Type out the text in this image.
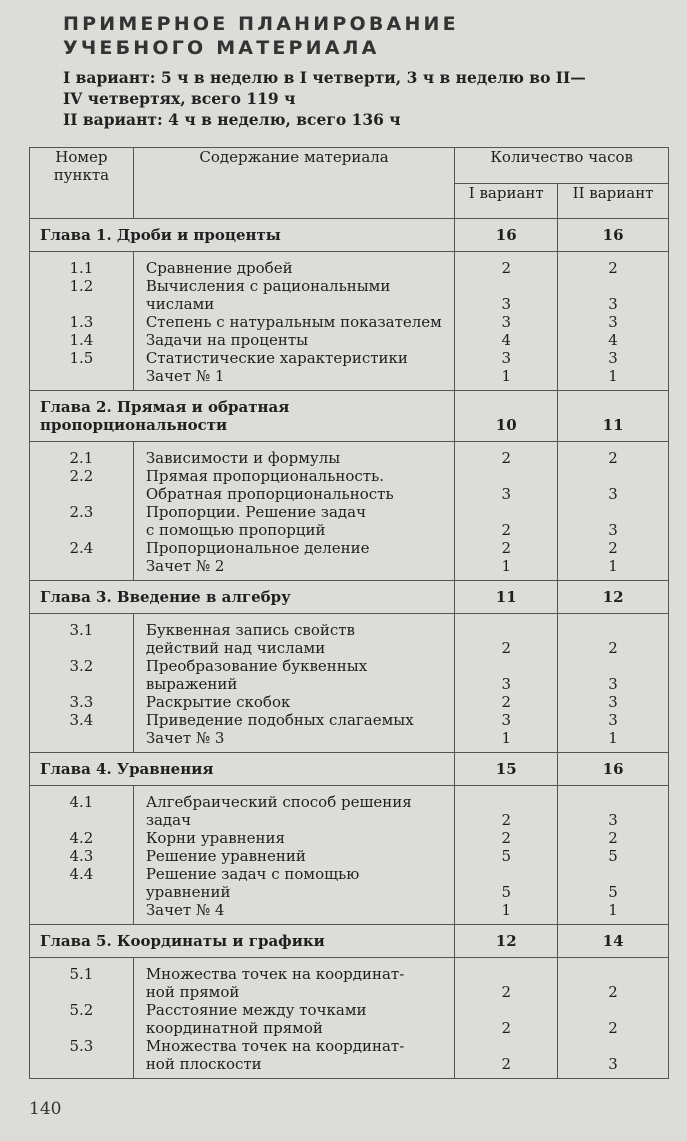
ПРИМЕРНОЕ ПЛАНИРОВАНИЕ
УЧЕБНОГО МАТЕРИАЛА
I вариант: 5 ч в неделю в I четверти, 3 ч в неделю во II—
IV четвертях, всего 119 ч
II вариант: 4 ч в неделю, всего 136 ч
Номер пункта	Содержание материала	Количество часов	
		I вариант	II вариант
Глава 1. Дроби и проценты		16	16
1.1	Сравнение дробей	2	2
1.2	Вычисления с рациональными
числами	3	3
1.3	Степень с натуральным показателем	3	3
1.4	Задачи на проценты	4	4
1.5	Статистические характеристики	3	3
	Зачет № 1	1	1
Глава 2. Прямая и обратная
пропорциональности		10	11
2.1	Зависимости и формулы	2	2
2.2	Прямая пропорциональность.
Обратная пропорциональность	3	3
2.3	Пропорции. Решение задач
с помощью пропорций	2	3
2.4	Пропорциональное деление	2	2
	Зачет № 2	1	1
Глава 3. Введение в алгебру		11	12
3.1	Буквенная запись свойств
действий над числами	2	2
3.2	Преобразование буквенных
выражений	3	3
3.3	Раскрытие скобок	2	3
3.4	Приведение подобных слагаемых	3	3
	Зачет № 3	1	1
Глава 4. Уравнения		15	16
4.1	Алгебраический способ решения
задач	2	3
4.2	Корни уравнения	2	2
4.3	Решение уравнений	5	5
4.4	Решение задач с помощью
уравнений	5	5
	Зачет № 4	1	1
Глава 5. Координаты и графики		12	14
5.1	Множества точек на координат-
ной прямой	2	2
5.2	Расстояние между точками
координатной прямой	2	2
5.3	Множества точек на координат-
ной плоскости	2	3
140
